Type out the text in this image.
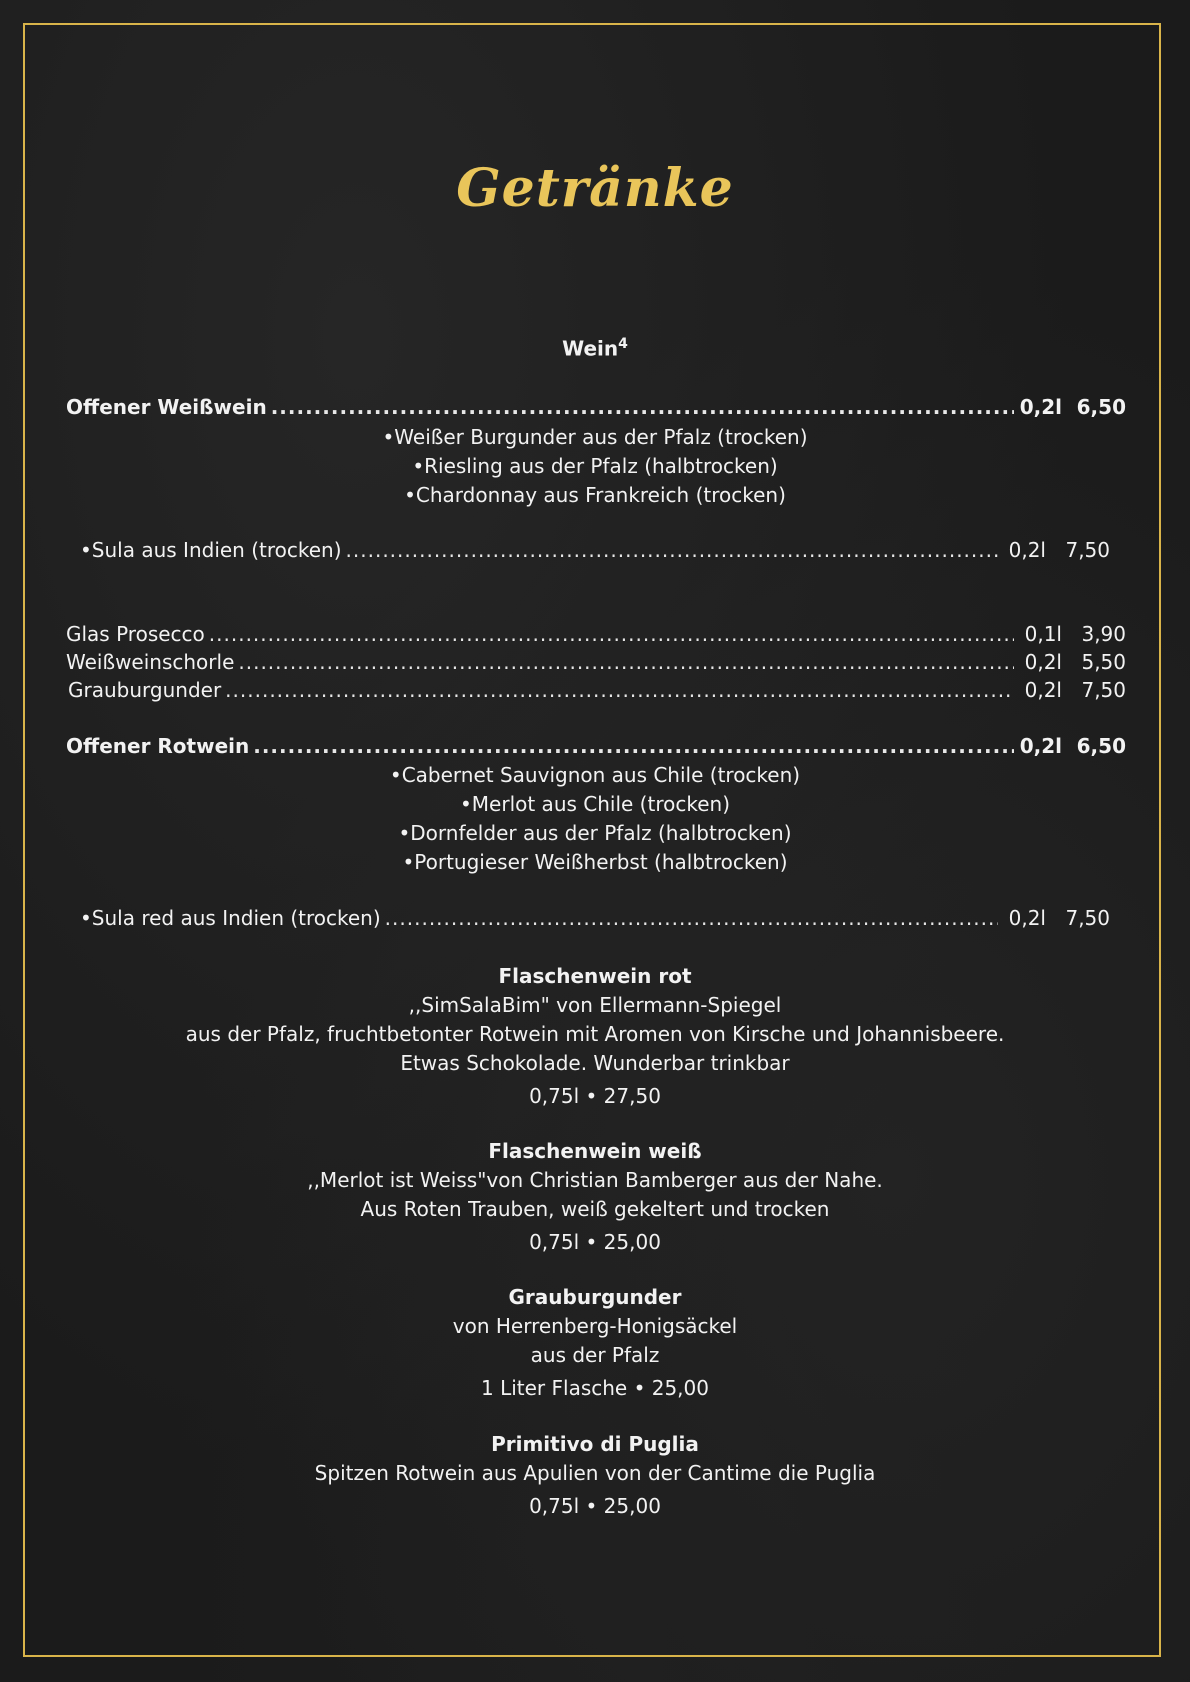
Getränke
Wein$^4$
Offener Weißwein .....	0,2l 6,50
•Weißer Burgunder aus der Pfalz (trocken)
•Riesling aus der Pfalz (halbtrocken)
•Chardonnay aus Frankreich (trocken)
•Sula aus Indien (trocken) .....	0,2l 7,50
Glas Prosecco .....	0,1l 3,90
Weißweinschorle .....	0,2l 5,50
Grauburgunder .....	0,2l 7,50
Offener Rotwein .....	0,2l 6,50
•Cabernet Sauvignon aus Chile (trocken)
•Merlot aus Chile (trocken)
•Dornfelder aus der Pfalz (halbtrocken)
•Portugieser Weißherbst (halbtrocken)
•Sula red aus Indien (trocken) .....	0,2l 7,50
Flaschenwein rot
,,SimSalaBim" von Ellermann-Spiegel
aus der Pfalz, fruchtbetonter Rotwein mit Aromen von Kirsche und Johannisbeere.
Etwas Schokolade. Wunderbar trinkbar
0,75l • 27,50
Flaschenwein weiß
,,Merlot ist Weiss"von Christian Bamberger aus der Nahe.
Aus Roten Trauben, weiß gekeltert und trocken
0,75l • 25,00
Grauburgunder
von Herrenberg-Honigsäckel
aus der Pfalz
1 Liter Flasche • 25,00
Primitivo di Puglia
Spitzen Rotwein aus Apulien von der Cantime die Puglia
0,75l • 25,00
